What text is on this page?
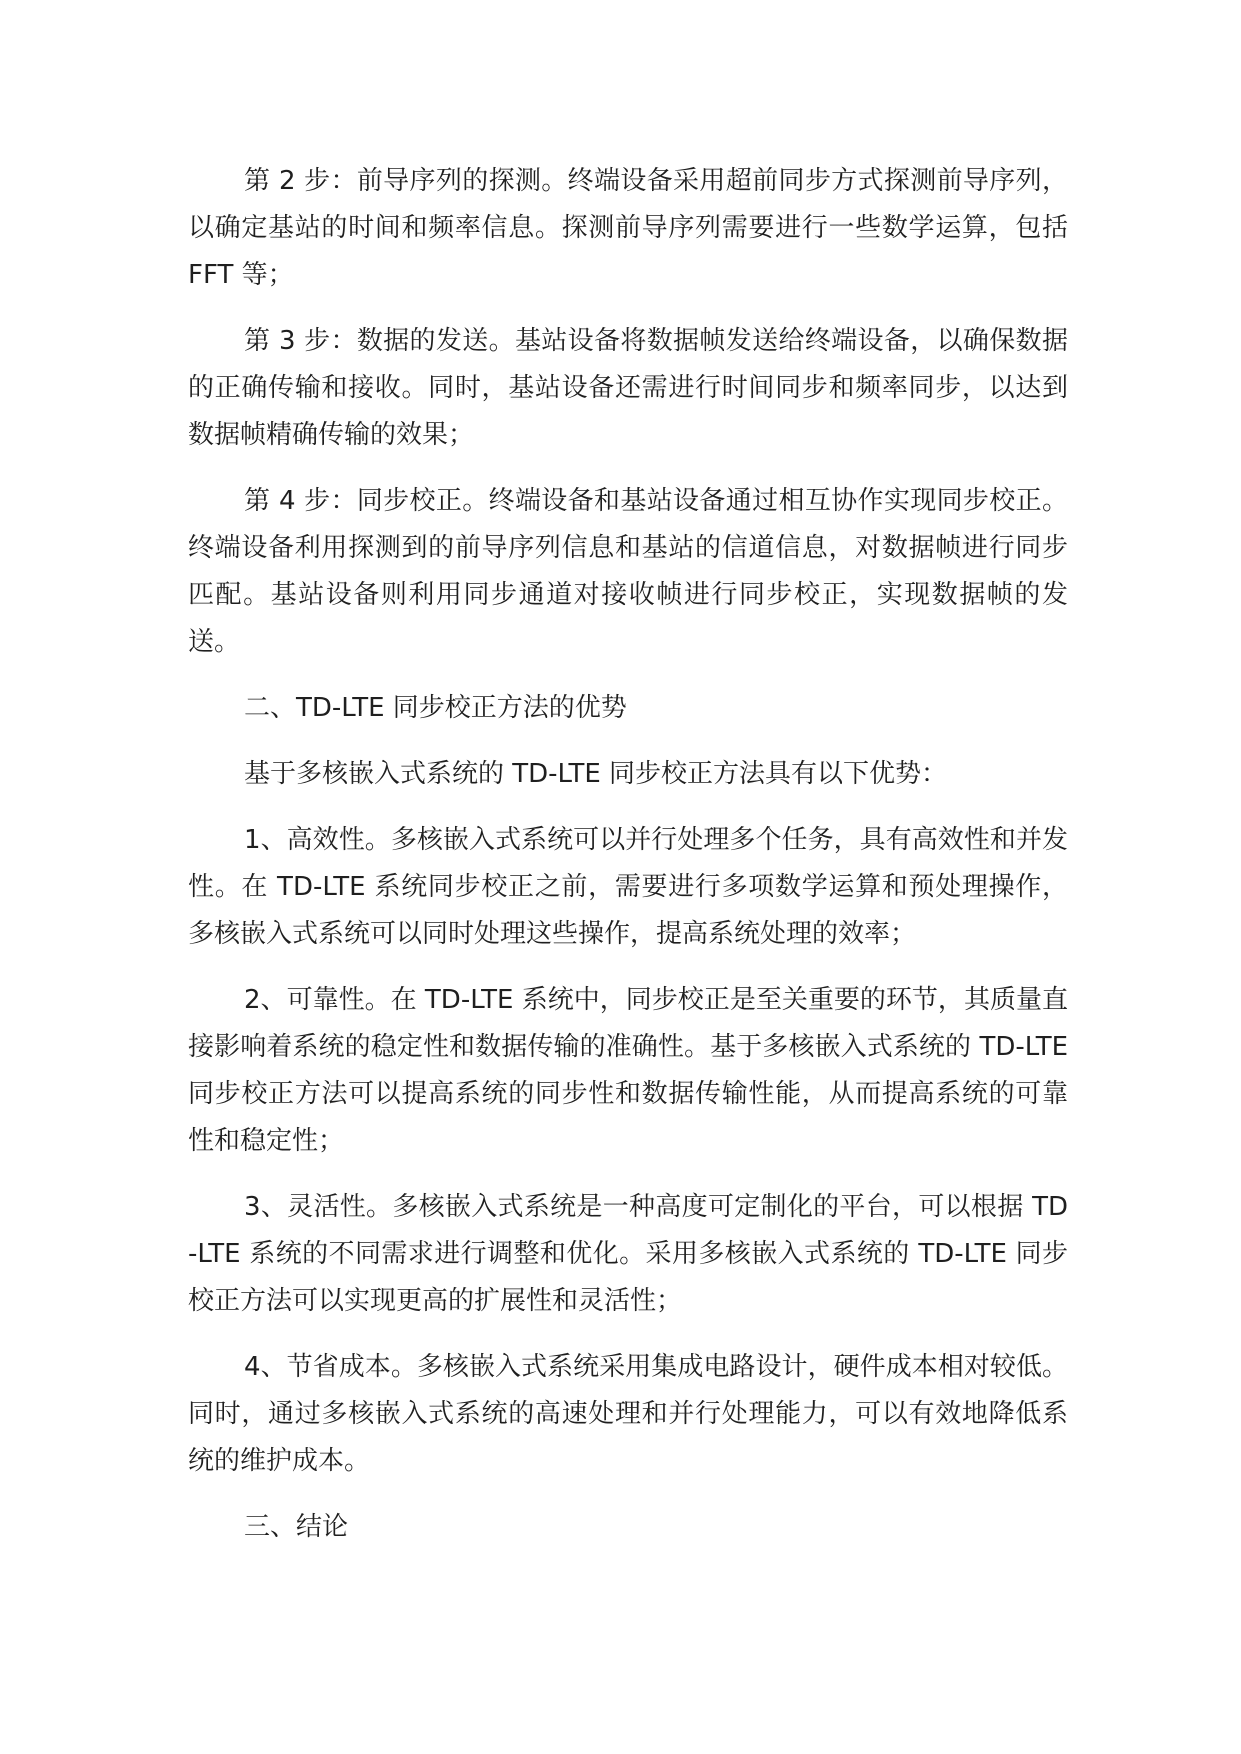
第 2 步：前导序列的探测。终端设备采用超前同步方式探测前导序列，以确定基站的时间和频率信息。探测前导序列需要进行一些数学运算，包括 FFT 等；

第 3 步：数据的发送。基站设备将数据帧发送给终端设备，以确保数据的正确传输和接收。同时，基站设备还需进行时间同步和频率同步，以达到数据帧精确传输的效果；

第 4 步：同步校正。终端设备和基站设备通过相互协作实现同步校正。终端设备利用探测到的前导序列信息和基站的信道信息，对数据帧进行同步匹配。基站设备则利用同步通道对接收帧进行同步校正，实现数据帧的发送。

二、TD-LTE 同步校正方法的优势

基于多核嵌入式系统的 TD-LTE 同步校正方法具有以下优势：

1、高效性。多核嵌入式系统可以并行处理多个任务，具有高效性和并发性。在 TD-LTE 系统同步校正之前，需要进行多项数学运算和预处理操作，多核嵌入式系统可以同时处理这些操作，提高系统处理的效率；

2、可靠性。在 TD-LTE 系统中，同步校正是至关重要的环节，其质量直接影响着系统的稳定性和数据传输的准确性。基于多核嵌入式系统的 TD-LTE 同步校正方法可以提高系统的同步性和数据传输性能，从而提高系统的可靠性和稳定性；

3、灵活性。多核嵌入式系统是一种高度可定制化的平台，可以根据 TD-LTE 系统的不同需求进行调整和优化。采用多核嵌入式系统的 TD-LTE 同步校正方法可以实现更高的扩展性和灵活性；

4、节省成本。多核嵌入式系统采用集成电路设计，硬件成本相对较低。同时，通过多核嵌入式系统的高速处理和并行处理能力，可以有效地降低系统的维护成本。

三、结论
